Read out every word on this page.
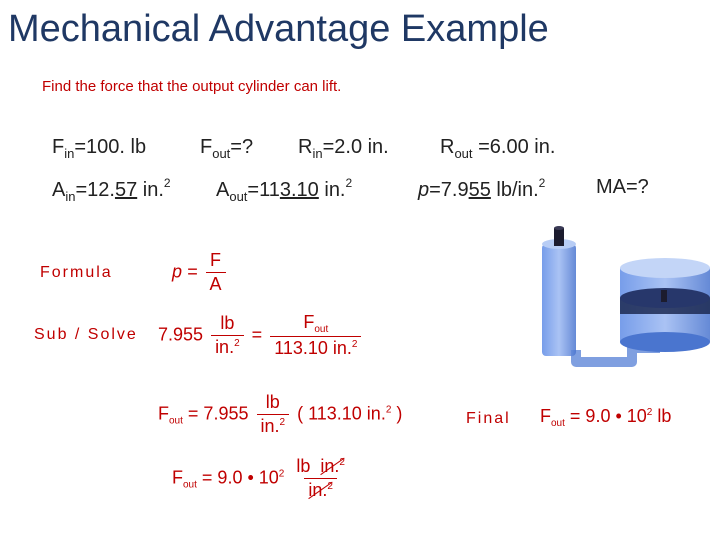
Mechanical Advantage Example
Find the force that the output cylinder can lift.
$F_{in}=100$. lb	$F_{out}=$? $R_{in}=2.0$ in.	$R_{out} =6.00$ in.
$A_{in}=12.57$ in.$^2$ $A_{out}=113.10$ in.$^2$	p=7.955 lb/in.$^2$	MA=?
Formula
Sub / Solve
Final
$p = \frac{F}{A}$
$7.955 \frac{lb}{in.^2} = \frac{F_{out}}{113.10 in.^2}$
$F_{out} = 7.955 \frac{lb}{in.^2}$ ( 113.10 in.$^2$ )
$F_{out} = 9.0$ • $10^2 \frac{lb in.^2}{in.^2}$
$F_{out} = 9.0$ • $10^2$ lb
